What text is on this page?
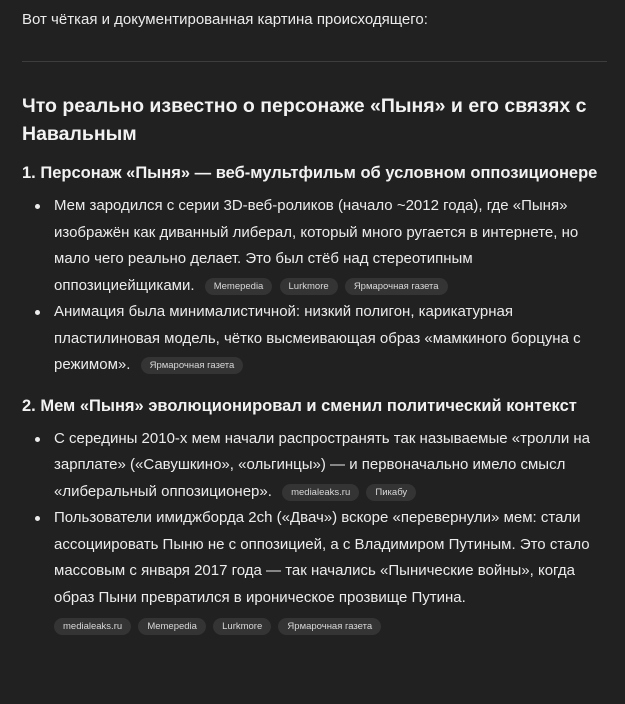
Вот чёткая и документированная картина происходящего:
Что реально известно о персонаже «Пыня» и его связях с Навальным
1. Персонаж «Пыня» — веб-мультфильм об условном оппозиционере
Мем зародился с серии 3D-веб-роликов (начало ~2012 года), где «Пыня» изображён как диванный либерал, который много ругается в интернете, но мало чего реально делает. Это был стёб над стереотипным оппозициейщиками. Memepedia	Lurkmore	Ярмарочная газета
Анимация была минималистичной: низкий полигон, карикатурная пластилиновая модель, чётко высмеивающая образ «мамкиного борцуна с режимом». Ярмарочная газета
2. Мем «Пыня» эволюционировал и сменил политический контекст
С середины 2010-х мем начали распространять так называемые «тролли на зарплате» («Савушкино», «ольгинцы») — и первоначально имело смысл «либеральный оппозиционер». medialeaks.ru	Пикабу
Пользователи имиджборда 2ch («Двач») вскоре «перевернули» мем: стали ассоциировать Пыню не с оппозицией, а с Владимиром Путиным. Это стало массовым с января 2017 года — так начались «Пынические войны», когда образ Пыни превратился в ироническое прозвище Путина.
medialeaks.ru	Memepedia	Lurkmore	Ярмарочная газета
